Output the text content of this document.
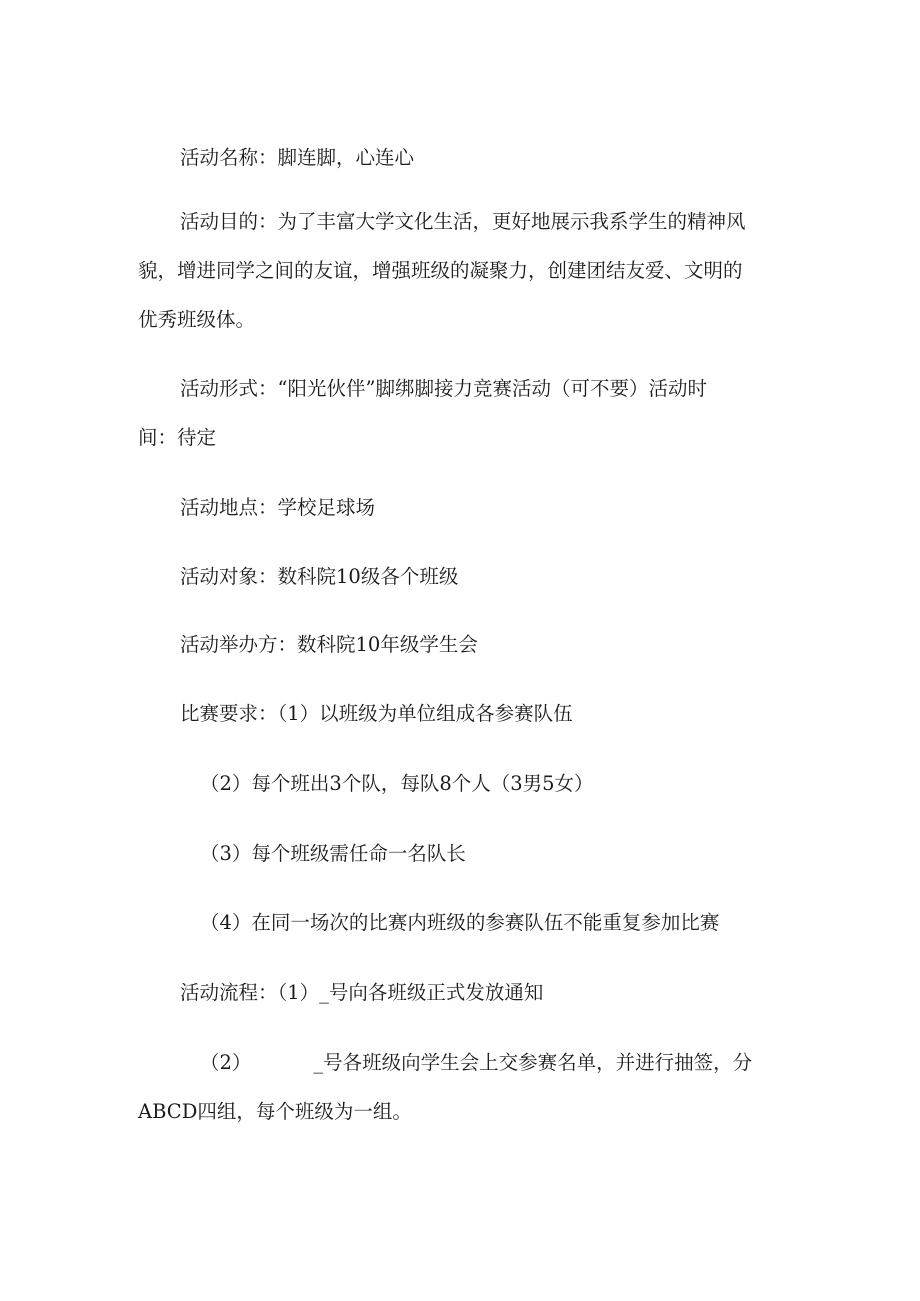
活动名称：脚连脚，心连心

活动目的：为了丰富大学文化生活，更好地展示我系学生的精神风
貌，增进同学之间的友谊，增强班级的凝聚力，创建团结友爱、文明的
优秀班级体。

活动形式：“阳光伙伴”脚绑脚接力竞赛活动（可不要）活动时
间：待定

活动地点：学校足球场

活动对象：数科院10级各个班级

活动举办方：数科院10年级学生会

比赛要求：（1）以班级为单位组成各参赛队伍

（2）每个班出3个队，每队8个人（3男5女）

（3）每个班级需任命一名队长

（4）在同一场次的比赛内班级的参赛队伍不能重复参加比赛

活动流程：（1）_号向各班级正式发放通知

（2）	_号各班级向学生会上交参赛名单，并进行抽签，分
ABCD四组，每个班级为一组。
